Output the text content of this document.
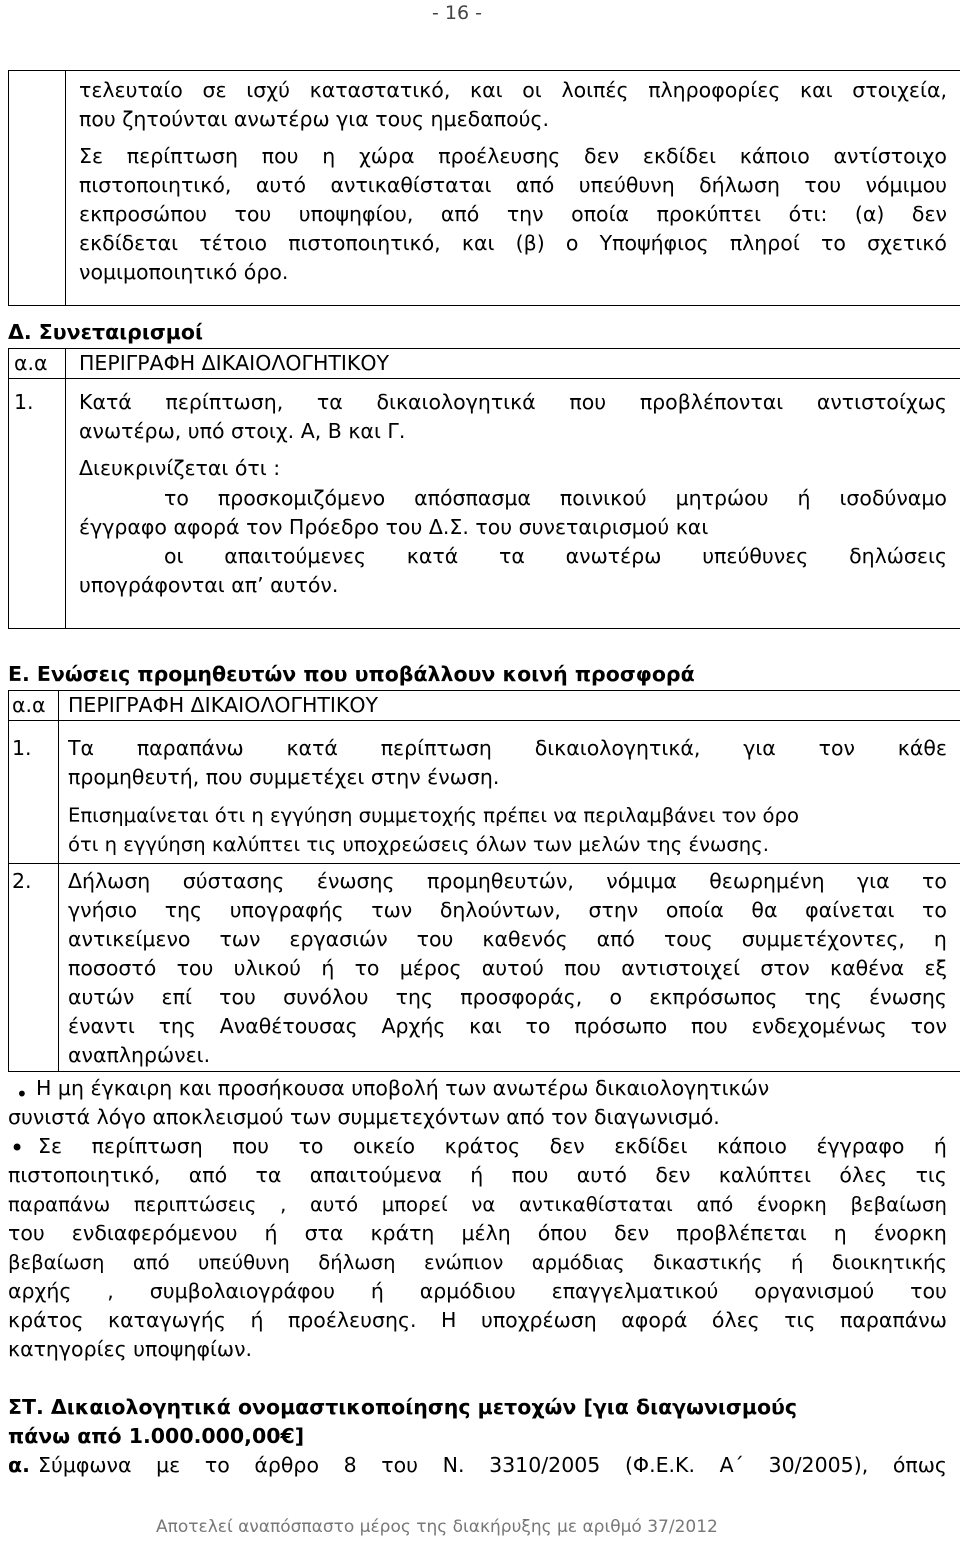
- 16 -
τελευταίο σε ισχύ καταστατικό, και οι λοιπές πληροφορίες και στοιχεία,
που ζητούνται ανωτέρω για τους ημεδαπούς.
Σε περίπτωση που η χώρα προέλευσης δεν εκδίδει κάποιο αντίστοιχο
πιστοποιητικό, αυτό αντικαθίσταται από υπεύθυνη δήλωση του νόμιμου
εκπροσώπου του υποψηφίου, από την οποία προκύπτει ότι: (α) δεν
εκδίδεται τέτοιο πιστοποιητικό, και (β) ο Υποψήφιος πληροί το σχετικό
νομιμοποιητικό όρο.
Δ. Συνεταιρισμοί
α.α ΠΕΡΙΓΡΑΦΗ ΔΙΚΑΙΟΛΟΓΗΤΙΚΟΥ
1. Κατά περίπτωση, τα δικαιολογητικά που προβλέπονται αντιστοίχως
ανωτέρω, υπό στοιχ. Α, Β και Γ.
Διευκρινίζεται ότι :
το προσκομιζόμενο απόσπασμα ποινικού μητρώου ή ισοδύναμο
έγγραφο αφορά τον Πρόεδρο του Δ.Σ. του συνεταιρισμού και
οι απαιτούμενες κατά τα ανωτέρω υπεύθυνες δηλώσεις
υπογράφονται απ’ αυτόν.
Ε. Ενώσεις προμηθευτών που υποβάλλουν κοινή προσφορά
α.α ΠΕΡΙΓΡΑΦΗ ΔΙΚΑΙΟΛΟΓΗΤΙΚΟΥ
1. Τα παραπάνω κατά περίπτωση δικαιολογητικά, για τον κάθε
προμηθευτή, που συμμετέχει στην ένωση.
Επισημαίνεται ότι η εγγύηση συμμετοχής πρέπει να περιλαμβάνει τον όρο
ότι η εγγύηση καλύπτει τις υποχρεώσεις όλων των μελών της ένωσης.
2. Δήλωση σύστασης ένωσης προμηθευτών, νόμιμα θεωρημένη για το
γνήσιο της υπογραφής των δηλούντων, στην οποία θα φαίνεται το
αντικείμενο των εργασιών του καθενός από τους συμμετέχοντες, η
ποσοστό του υλικού ή το μέρος αυτού που αντιστοιχεί στον καθένα εξ
αυτών επί του συνόλου της προσφοράς, ο εκπρόσωπος της ένωσης
έναντι της Αναθέτουσας Αρχής και το πρόσωπο που ενδεχομένως τον
αναπληρώνει.
• Η μη έγκαιρη και προσήκουσα υποβολή των ανωτέρω δικαιολογητικών
συνιστά λόγο αποκλεισμού των συμμετεχόντων από τον διαγωνισμό.
• Σε περίπτωση που το οικείο κράτος δεν εκδίδει κάποιο έγγραφο ή
πιστοποιητικό, από τα απαιτούμενα ή που αυτό δεν καλύπτει όλες τις
παραπάνω περιπτώσεις , αυτό μπορεί να αντικαθίσταται από ένορκη βεβαίωση
του ενδιαφερόμενου ή στα κράτη μέλη όπου δεν προβλέπεται η ένορκη
βεβαίωση από υπεύθυνη δήλωση ενώπιον αρμόδιας δικαστικής ή διοικητικής
αρχής , συμβολαιογράφου ή αρμόδιου επαγγελματικού οργανισμού του
κράτος καταγωγής ή προέλευσης. Η υποχρέωση αφορά όλες τις παραπάνω
κατηγορίες υποψηφίων.
ΣΤ. Δικαιολογητικά ονομαστικοποίησης μετοχών [για διαγωνισμούς
πάνω από 1.000.000,00€]
α. Σύμφωνα με το άρθρο 8 του Ν. 3310/2005 (Φ.Ε.Κ. Α΄ 30/2005), όπως
Αποτελεί αναπόσπαστο μέρος της διακήρυξης με αριθμό 37/2012
